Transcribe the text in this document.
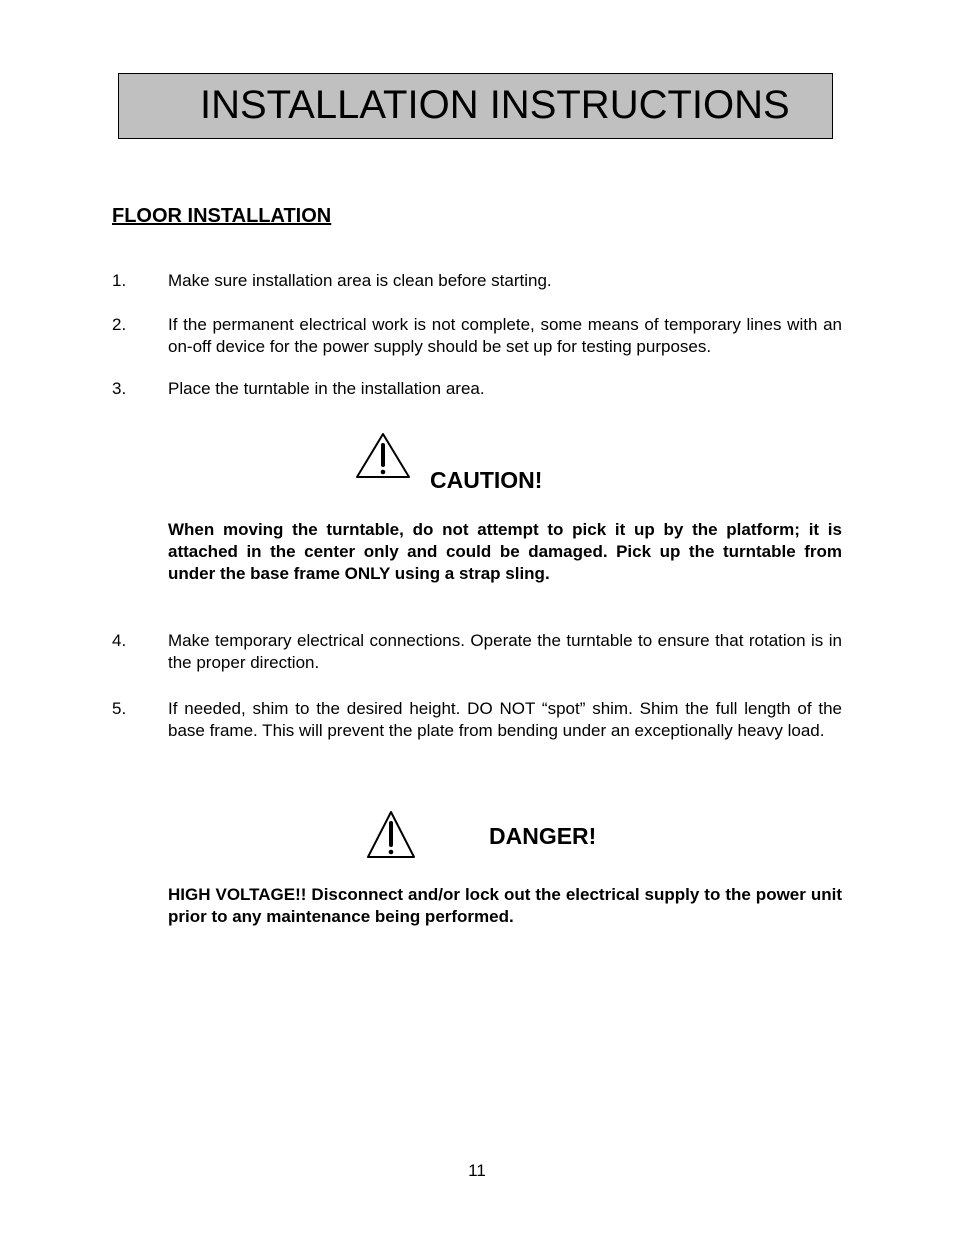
INSTALLATION INSTRUCTIONS
FLOOR INSTALLATION
1. Make sure installation area is clean before starting.
2. If the permanent electrical work is not complete, some means of temporary lines with an on-off device for the power supply should be set up for testing purposes.
3. Place the turntable in the installation area.
CAUTION!
When moving the turntable, do not attempt to pick it up by the platform; it is attached in the center only and could be damaged. Pick up the turntable from under the base frame ONLY using a strap sling.
4. Make temporary electrical connections. Operate the turntable to ensure that rotation is in the proper direction.
5. If needed, shim to the desired height. DO NOT “spot” shim. Shim the full length of the base frame. This will prevent the plate from bending under an exceptionally heavy load.
DANGER!
HIGH VOLTAGE!! Disconnect and/or lock out the electrical supply to the power unit prior to any maintenance being performed.
11
